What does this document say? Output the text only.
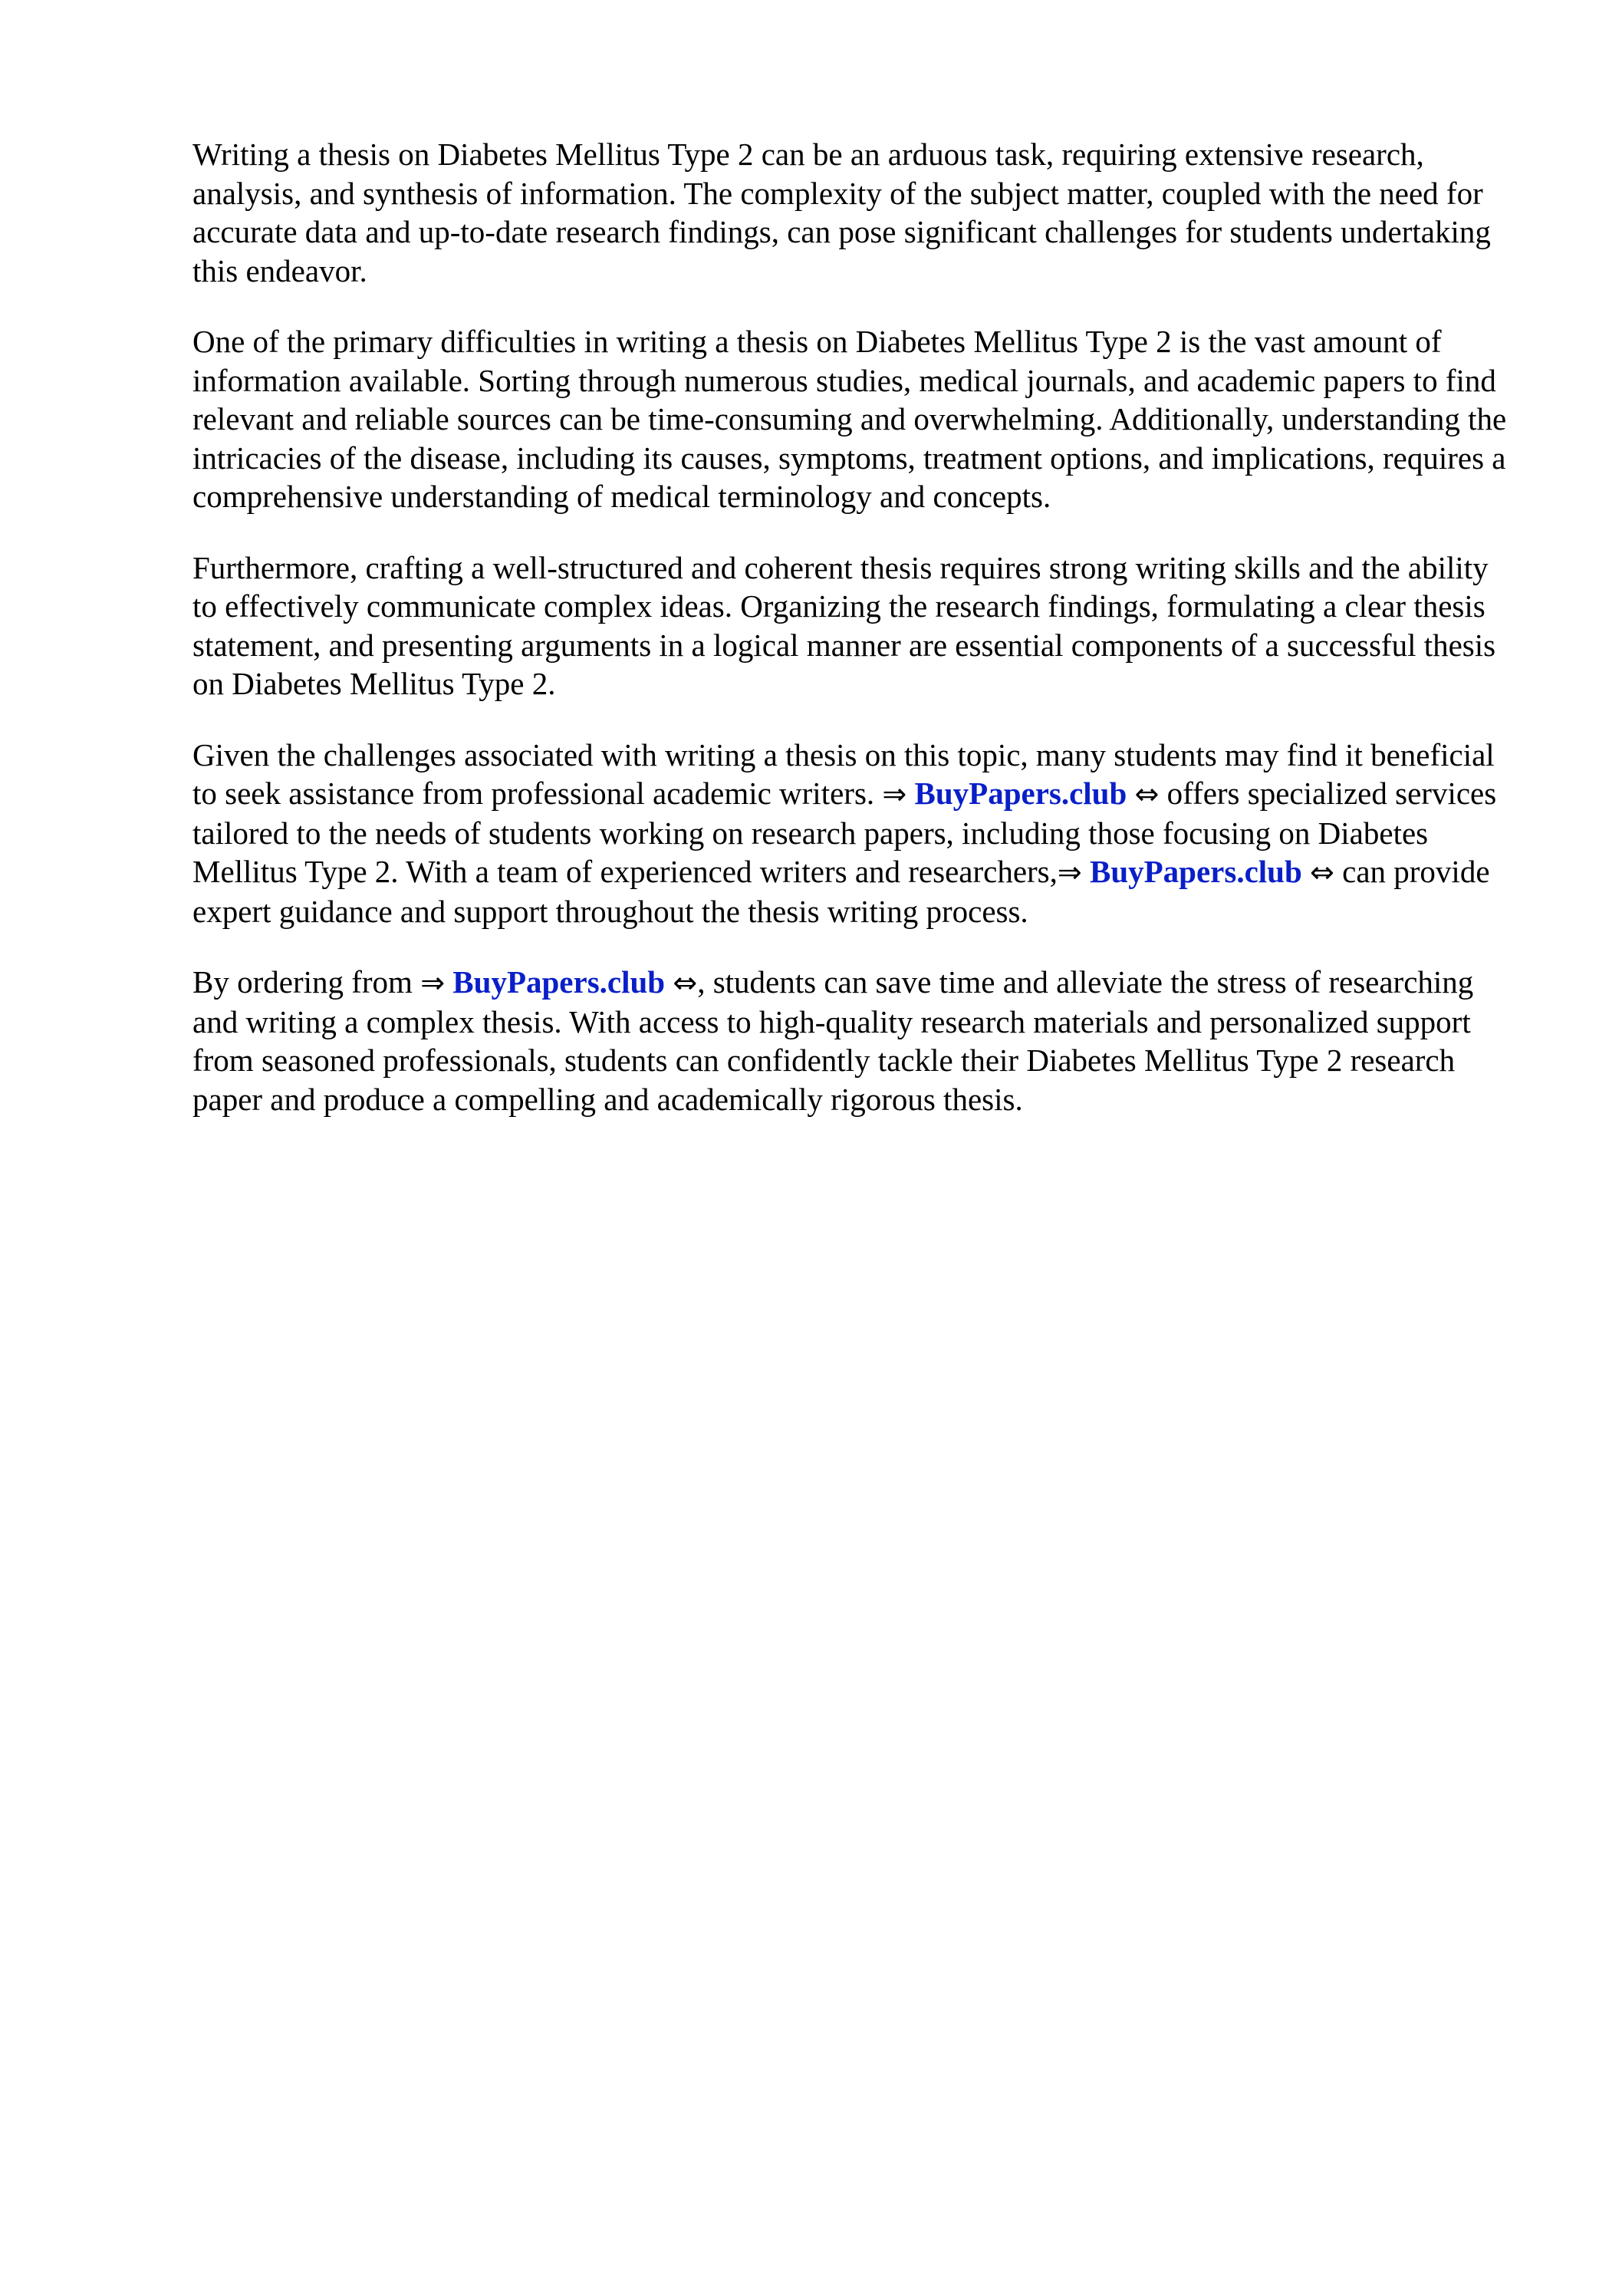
Writing a thesis on Diabetes Mellitus Type 2 can be an arduous task, requiring extensive research, analysis, and synthesis of information. The complexity of the subject matter, coupled with the need for accurate data and up-to-date research findings, can pose significant challenges for students undertaking this endeavor.

One of the primary difficulties in writing a thesis on Diabetes Mellitus Type 2 is the vast amount of information available. Sorting through numerous studies, medical journals, and academic papers to find relevant and reliable sources can be time-consuming and overwhelming. Additionally, understanding the intricacies of the disease, including its causes, symptoms, treatment options, and implications, requires a comprehensive understanding of medical terminology and concepts.

Furthermore, crafting a well-structured and coherent thesis requires strong writing skills and the ability to effectively communicate complex ideas. Organizing the research findings, formulating a clear thesis statement, and presenting arguments in a logical manner are essential components of a successful thesis on Diabetes Mellitus Type 2.

Given the challenges associated with writing a thesis on this topic, many students may find it beneficial to seek assistance from professional academic writers. ⇒ BuyPapers.club ⇔ offers specialized services tailored to the needs of students working on research papers, including those focusing on Diabetes Mellitus Type 2. With a team of experienced writers and researchers,⇒ BuyPapers.club ⇔ can provide expert guidance and support throughout the thesis writing process.

By ordering from ⇒ BuyPapers.club ⇔, students can save time and alleviate the stress of researching and writing a complex thesis. With access to high-quality research materials and personalized support from seasoned professionals, students can confidently tackle their Diabetes Mellitus Type 2 research paper and produce a compelling and academically rigorous thesis.
